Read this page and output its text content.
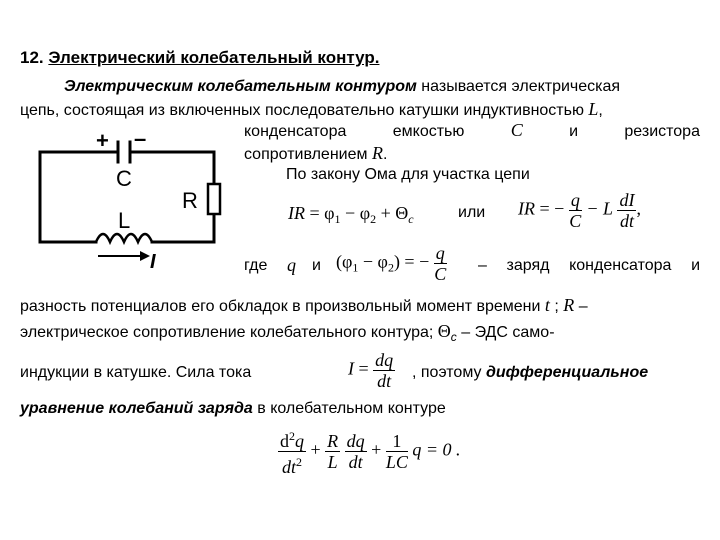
12. Электрический колебательный контур.
Электрическим колебательным контуром называется электрическая
цепь, состоящая из включенных последовательно катушки индуктивностью L,
конденсатора	емкостью	C	и	резистора
сопротивлением R.
+ –
C
R
L
I
По закону Ома для участка цепи
IR = $\varphi_1 - \varphi_2 + \Theta_c$	или IR = − $\frac{q}{C} - L \frac{dI}{dt}$ ,
где q и $(\varphi_1 - \varphi_2)$ = − $\frac{q}{C}$ – заряд конденсатора и
разность потенциалов его обкладок в произвольный момент времени t ; R –
электрическое сопротивление колебательного контура; $\Theta_c$ – ЭДС само-
индукции в катушке. Сила тока	$I = \frac{dq}{dt}$ , поэтому дифференциальное
уравнение колебаний заряда в колебательном контуре
$\frac{d^2q}{dt^2} + \frac{R}{L}$
$\frac{dq}{dt} + \frac{1}{LC}$ q = 0 .
